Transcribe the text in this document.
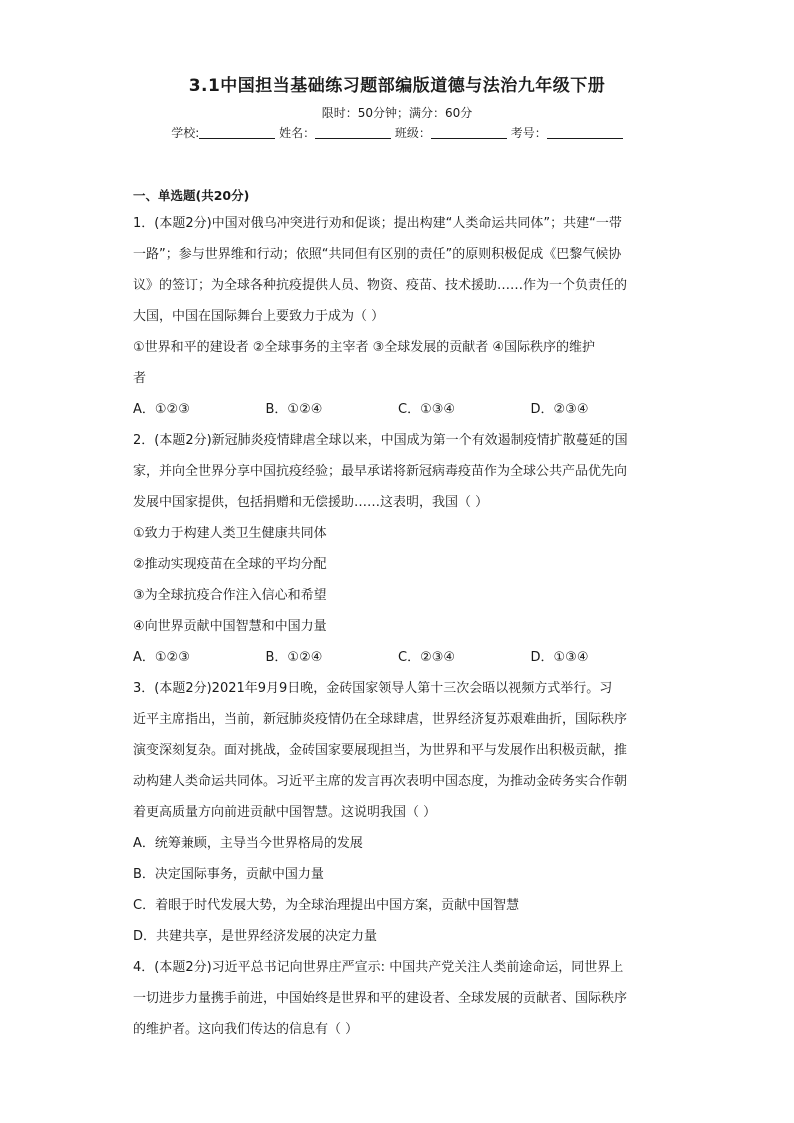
3.1中国担当基础练习题部编版道德与法治九年级下册
限时：50分钟；满分：60分
学校:	姓名：	班级：	考号：
一、单选题(共20分)
1．(本题2分)中国对俄乌冲突进行劝和促谈；提出构建“人类命运共同体”；共建“一带
一路”；参与世界维和行动；依照“共同但有区别的责任”的原则积极促成《巴黎气候协
议》的签订；为全球各种抗疫提供人员、物资、疫苗、技术援助……作为一个负责任的
大国，中国在国际舞台上要致力于成为（ ）
①世界和平的建设者 ②全球事务的主宰者 ③全球发展的贡献者 ④国际秩序的维护
者
A．①②③	B．①②④	C．①③④	D．②③④
2．(本题2分)新冠肺炎疫情肆虐全球以来，中国成为第一个有效遏制疫情扩散蔓延的国
家，并向全世界分享中国抗疫经验；最早承诺将新冠病毒疫苗作为全球公共产品优先向
发展中国家提供，包括捐赠和无偿援助……这表明，我国（ ）
①致力于构建人类卫生健康共同体
②推动实现疫苗在全球的平均分配
③为全球抗疫合作注入信心和希望
④向世界贡献中国智慧和中国力量
A．①②③	B．①②④	C．②③④	D．①③④
3．(本题2分)2021年9月9日晚，金砖国家领导人第十三次会晤以视频方式举行。习
近平主席指出，当前，新冠肺炎疫情仍在全球肆虐，世界经济复苏艰难曲折，国际秩序
演变深刻复杂。面对挑战，金砖国家要展现担当，为世界和平与发展作出积极贡献，推
动构建人类命运共同体。习近平主席的发言再次表明中国态度，为推动金砖务实合作朝
着更高质量方向前进贡献中国智慧。这说明我国（ ）
A．统筹兼顾，主导当今世界格局的发展
B．决定国际事务，贡献中国力量
C．着眼于时代发展大势，为全球治理提出中国方案，贡献中国智慧
D．共建共享，是世界经济发展的决定力量
4．(本题2分)习近平总书记向世界庄严宣示: 中国共产党关注人类前途命运，同世界上
一切进步力量携手前进，中国始终是世界和平的建设者、全球发展的贡献者、国际秩序
的维护者。这向我们传达的信息有（ ）
